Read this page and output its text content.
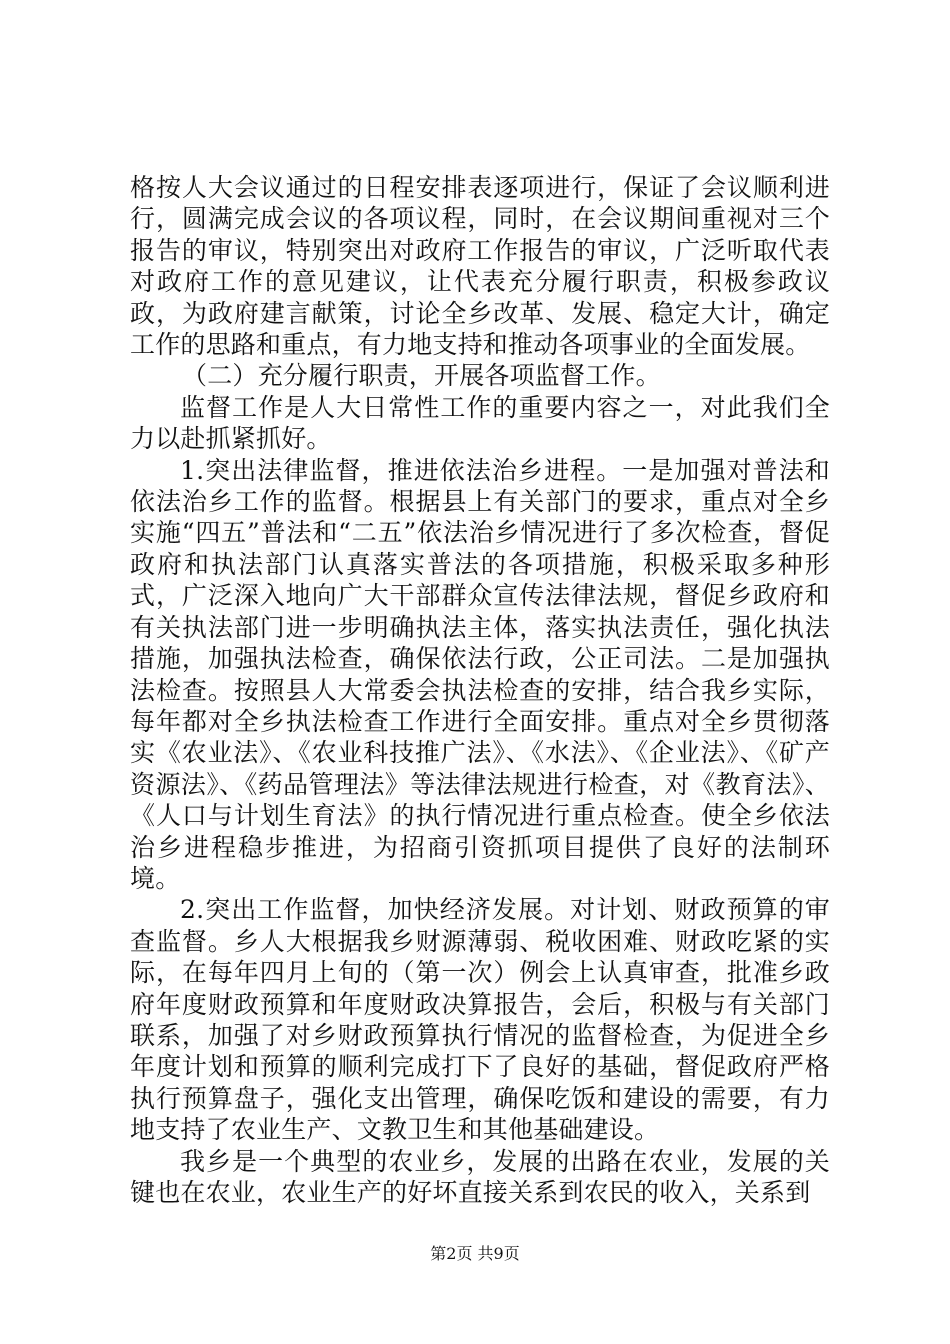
格按人大会议通过的日程安排表逐项进行，保证了会议顺利进行，圆满完成会议的各项议程，同时，在会议期间重视对三个报告的审议，特别突出对政府工作报告的审议，广泛听取代表对政府工作的意见建议，让代表充分履行职责，积极参政议政，为政府建言献策，讨论全乡改革、发展、稳定大计，确定工作的思路和重点，有力地支持和推动各项事业的全面发展。

（二）充分履行职责，开展各项监督工作。

监督工作是人大日常性工作的重要内容之一，对此我们全力以赴抓紧抓好。

1.突出法律监督，推进依法治乡进程。一是加强对普法和依法治乡工作的监督。根据县上有关部门的要求，重点对全乡实施“四五”普法和“二五”依法治乡情况进行了多次检查，督促政府和执法部门认真落实普法的各项措施，积极采取多种形式，广泛深入地向广大干部群众宣传法律法规，督促乡政府和有关执法部门进一步明确执法主体，落实执法责任，强化执法措施，加强执法检查，确保依法行政，公正司法。二是加强执法检查。按照县人大常委会执法检查的安排，结合我乡实际，每年都对全乡执法检查工作进行全面安排。重点对全乡贯彻落实《农业法》、《农业科技推广法》、《水法》、《企业法》、《矿产资源法》、《药品管理法》等法律法规进行检查，对《教育法》、《人口与计划生育法》的执行情况进行重点检查。使全乡依法治乡进程稳步推进，为招商引资抓项目提供了良好的法制环境。

2.突出工作监督，加快经济发展。对计划、财政预算的审查监督。乡人大根据我乡财源薄弱、税收困难、财政吃紧的实际，在每年四月上旬的（第一次）例会上认真审查，批准乡政府年度财政预算和年度财政决算报告，会后，积极与有关部门联系，加强了对乡财政预算执行情况的监督检查，为促进全乡年度计划和预算的顺利完成打下了良好的基础，督促政府严格执行预算盘子，强化支出管理，确保吃饭和建设的需要，有力地支持了农业生产、文教卫生和其他基础建设。

我乡是一个典型的农业乡，发展的出路在农业，发展的关键也在农业，农业生产的好坏直接关系到农民的收入，关系到

第2页 共9页
